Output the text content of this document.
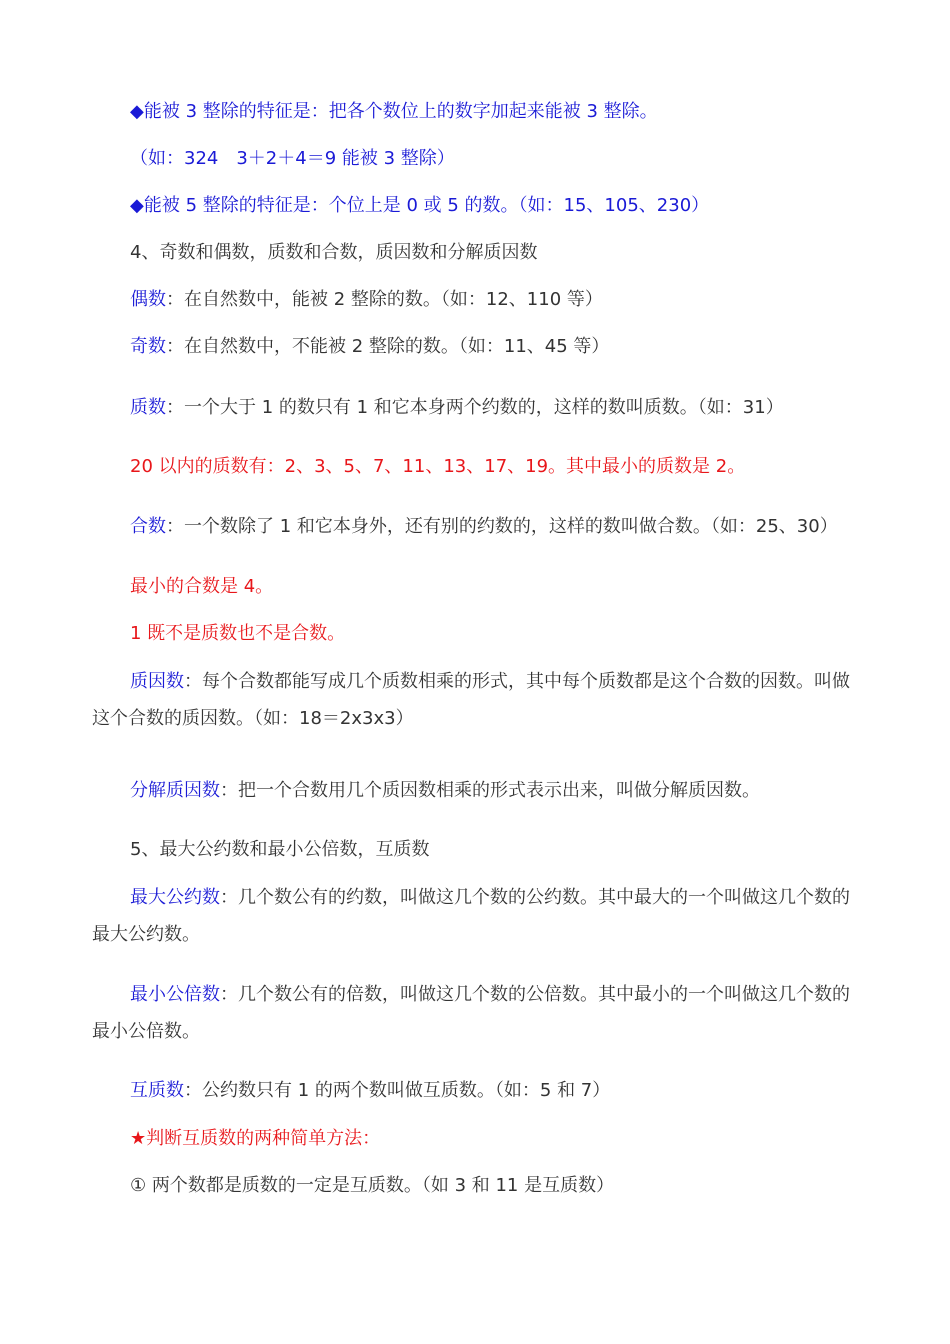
◆能被 3 整除的特征是：把各个数位上的数字加起来能被 3 整除。
（如：324　3＋2＋4＝9 能被 3 整除）
◆能被 5 整除的特征是：个位上是 0 或 5 的数。（如：15、105、230）
4、奇数和偶数，质数和合数，质因数和分解质因数
偶数：在自然数中，能被 2 整除的数。（如：12、110 等）
奇数：在自然数中，不能被 2 整除的数。（如：11、45 等）
质数：一个大于 1 的数只有 1 和它本身两个约数的，这样的数叫质数。（如：31）
20 以内的质数有：2、3、5、7、11、13、17、19。其中最小的质数是 2。
合数：一个数除了 1 和它本身外，还有别的约数的，这样的数叫做合数。（如：25、30）
最小的合数是 4。
1 既不是质数也不是合数。
质因数：每个合数都能写成几个质数相乘的形式，其中每个质数都是这个合数的因数。叫做这个合数的质因数。（如：18＝2x3x3）
分解质因数：把一个合数用几个质因数相乘的形式表示出来，叫做分解质因数。
5、最大公约数和最小公倍数，互质数
最大公约数：几个数公有的约数，叫做这几个数的公约数。其中最大的一个叫做这几个数的最大公约数。
最小公倍数：几个数公有的倍数，叫做这几个数的公倍数。其中最小的一个叫做这几个数的最小公倍数。
互质数：公约数只有 1 的两个数叫做互质数。（如：5 和 7）
★判断互质数的两种简单方法：
① 两个数都是质数的一定是互质数。（如 3 和 11 是互质数）
